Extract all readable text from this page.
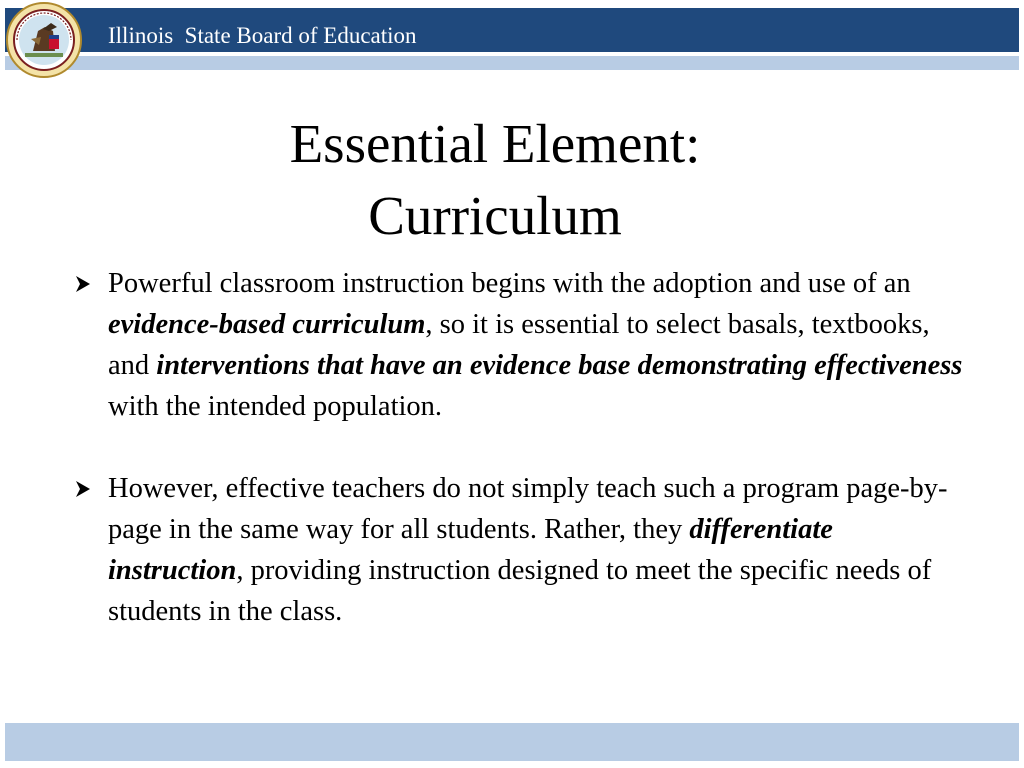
Illinois  State Board of Education
Essential Element:
Curriculum
Powerful classroom instruction begins with the adoption and use of an evidence-based curriculum, so it is essential to select basals, textbooks, and interventions that have an evidence base demonstrating effectiveness with the intended population.
However, effective teachers do not simply teach such a program page-by-page in the same way for all students. Rather, they differentiate instruction, providing instruction designed to meet the specific needs of students in the class.
